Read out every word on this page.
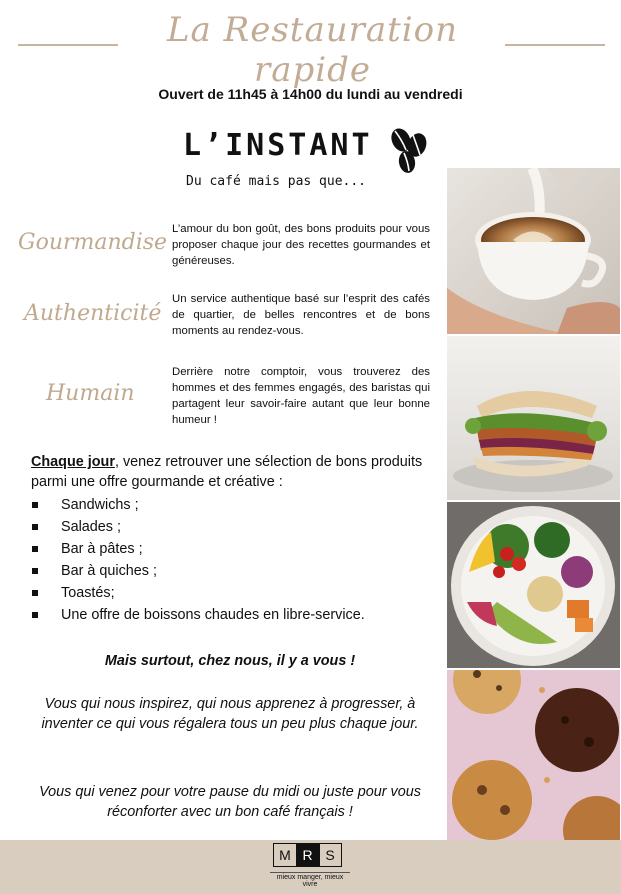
La Restauration rapide
Ouvert de 11h45 à 14h00 du lundi au vendredi
L’INSTANT
Du café mais pas que...
Gourmandise
L’amour du bon goût, des bons produits pour vous proposer chaque jour des recettes gourmandes et généreuses.
Authenticité
Un service authentique basé sur l’esprit des cafés de quartier, de belles rencontres et de bons moments au rendez-vous.
Humain
Derrière notre comptoir, vous trouverez des hommes et des femmes engagés, des baristas qui partagent leur savoir-faire autant que leur bonne humeur !
Chaque jour, venez retrouver une sélection de bons produits parmi une offre gourmande et créative :
Sandwichs ;
Salades ;
Bar à pâtes ;
Bar à quiches ;
Toastés;
Une offre de boissons chaudes en libre-service.
Mais surtout, chez nous, il y a vous !
Vous qui nous inspirez, qui nous apprenez à progresser, à inventer ce qui vous régalera tous un peu plus chaque jour.
Vous qui venez pour votre pause du midi ou juste pour vous réconforter avec un bon café français !
M R S
mieux manger, mieux vivre
